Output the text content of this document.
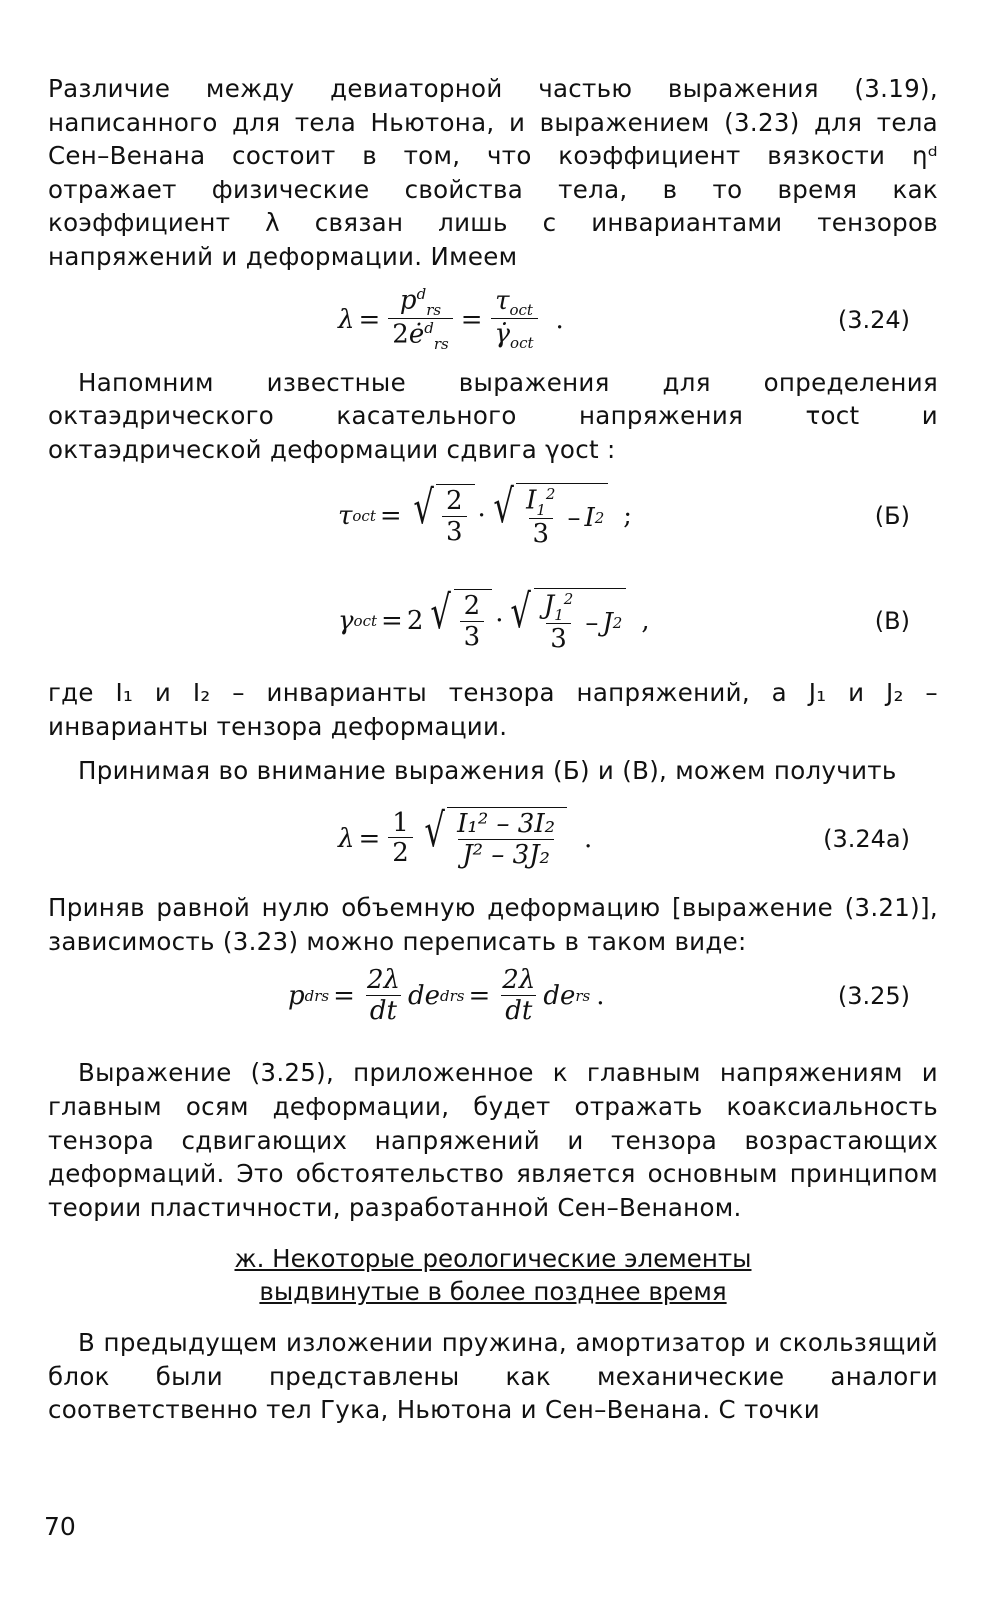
Различие между девиаторной частью выражения (3.19), написанного для тела Ньютона, и выражением (3.23) для тела Сен–Венана состоит в том, что коэффициент вязкости ηᵈ отражает физические свойства тела, в то время как коэффициент λ связан лишь с инвариантами тензоров напряжений и деформации. Имеем

$\lambda = \frac{p^d_{rs}}{2ė^d_{rs}} = \frac{\tau_{oct}}{\gammȧ_{oct}}$ .	(3.24)

Напомним известные выражения для определения октаэдрического касательного напряжения τoct и октаэдрической деформации сдвига γoct :

τ oct = √ $\frac{2}{3}$ · √ $\frac{I_1^2}{3}$ – I 2 ;	(Б)
γ oct = 2 √ $\frac{2}{3}$ · √ $\frac{J_1^2}{3}$ – J 2 ,	(В)

где I₁ и I₂ – инварианты тензора напряжений, а J₁ и J₂ – инварианты тензора деформации.

Принимая во внимание выражения (Б) и (В), можем получить

$\lambda = \frac{1}{2}$ √ $\frac{\text{I₁² – 3I₂}}{\text{J² – 3J₂}}$ .	(3.24a)

Приняв равной нулю объемную деформацию [выражение (3.21)], зависимость (3.23) можно переписать в таком виде:

p d rs = $\frac{2\lambda}{dt}$ de d rs = $\frac{2\lambda}{dt}$ de rs .	(3.25)

Выражение (3.25), приложенное к главным напряжениям и главным осям деформации, будет отражать коаксиальность тензора сдвигающих напряжений и тензора возрастающих деформаций. Это обстоятельство является основным принципом теории пластичности, разработанной Сен–Венаном.

ж. Некоторые реологические элементы
выдвинутые в более позднее время

В предыдущем изложении пружина, амортизатор и скользящий блок были представлены как механические аналоги соответственно тел Гука, Ньютона и Сен–Венана. С точки

70
